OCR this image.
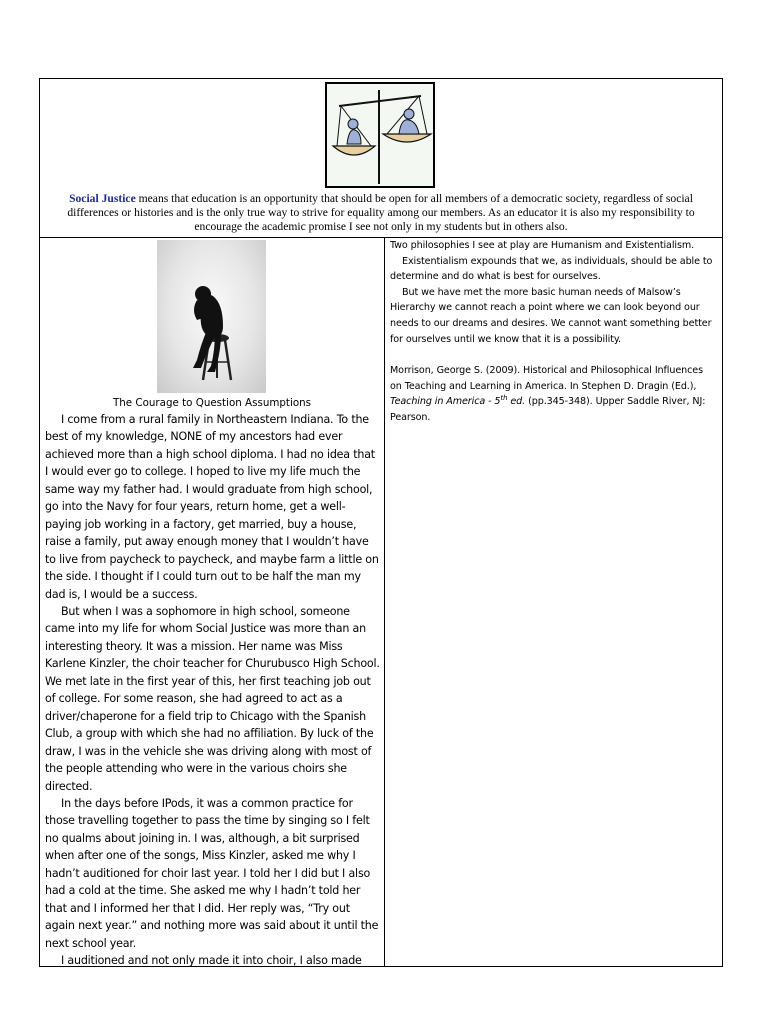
Social Justice means that education is an opportunity that should be open for all members of a democratic society, regardless of social differences or histories and is the only true way to strive for equality among our members. As an educator it is also my responsibility to encourage the academic promise I see not only in my students but in others also.
The Courage to Question Assumptions

I come from a rural family in Northeastern Indiana. To the best of my knowledge, NONE of my ancestors had ever achieved more than a high school diploma. I had no idea that I would ever go to college. I hoped to live my life much the same way my father had. I would graduate from high school, go into the Navy for four years, return home, get a well-paying job working in a factory, get married, buy a house, raise a family, put away enough money that I wouldn’t have to live from paycheck to paycheck, and maybe farm a little on the side. I thought if I could turn out to be half the man my dad is, I would be a success.

But when I was a sophomore in high school, someone came into my life for whom Social Justice was more than an interesting theory. It was a mission. Her name was Miss Karlene Kinzler, the choir teacher for Churubusco High School. We met late in the first year of this, her first teaching job out of college. For some reason, she had agreed to act as a driver/chaperone for a field trip to Chicago with the Spanish Club, a group with which she had no affiliation. By luck of the draw, I was in the vehicle she was driving along with most of the people attending who were in the various choirs she directed.

In the days before IPods, it was a common practice for those travelling together to pass the time by singing so I felt no qualms about joining in. I was, although, a bit surprised when after one of the songs, Miss Kinzler, asked me why I hadn’t auditioned for choir last year. I told her I did but I also had a cold at the time. She asked me why I hadn’t told her that and I informed her that I did. Her reply was, “Try out again next year.” and nothing more was said about it until the next school year.

I auditioned and not only made it into choir, I also made

Two philosophies I see at play are Humanism and Existentialism.

Existentialism expounds that we, as individuals, should be able to determine and do what is best for ourselves.

But we have met the more basic human needs of Malsow’s Hierarchy we cannot reach a point where we can look beyond our needs to our dreams and desires. We cannot want something better for ourselves until we know that it is a possibility.

Morrison, George S. (2009). Historical and Philosophical Influences on Teaching and Learning in America. In Stephen D. Dragin (Ed.), Teaching in America - 5th ed. (pp.345-348). Upper Saddle River, NJ: Pearson.
